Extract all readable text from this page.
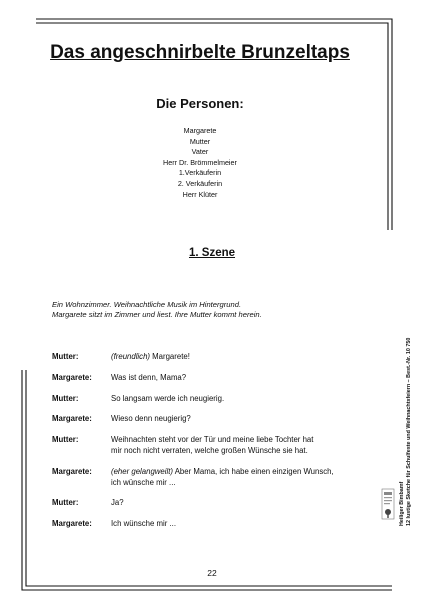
Das angeschnirbelte Brunzeltaps
Die Personen:
Margarete
Mutter
Vater
Herr Dr. Brömmelmeier
1.Verkäuferin
2. Verkäuferin
Herr Klüter
1. Szene
Ein Wohnzimmer. Weihnachtliche Musik im Hintergrund.
Margarete sitzt im Zimmer und liest. Ihre Mutter kommt herein.
Mutter:	(freundlich) Margarete!
Margarete: Was ist denn, Mama?
Mutter:	So langsam werde ich neugierig.
Margarete: Wieso denn neugierig?
Mutter:	Weihnachten steht vor der Tür und meine liebe Tochter hat
mir noch nicht verraten, welche großen Wünsche sie hat.
Margarete: (eher gelangweilt) Aber Mama, ich habe einen einzigen Wunsch,
ich wünsche mir ...
Mutter:	Ja?
Margarete: Ich wünsche mir ...	Heiliger Bimbamf 12 lustige Sketche für Schulfeste und Weihnachtsfeiern – Best.-Nr. 10 750
22
